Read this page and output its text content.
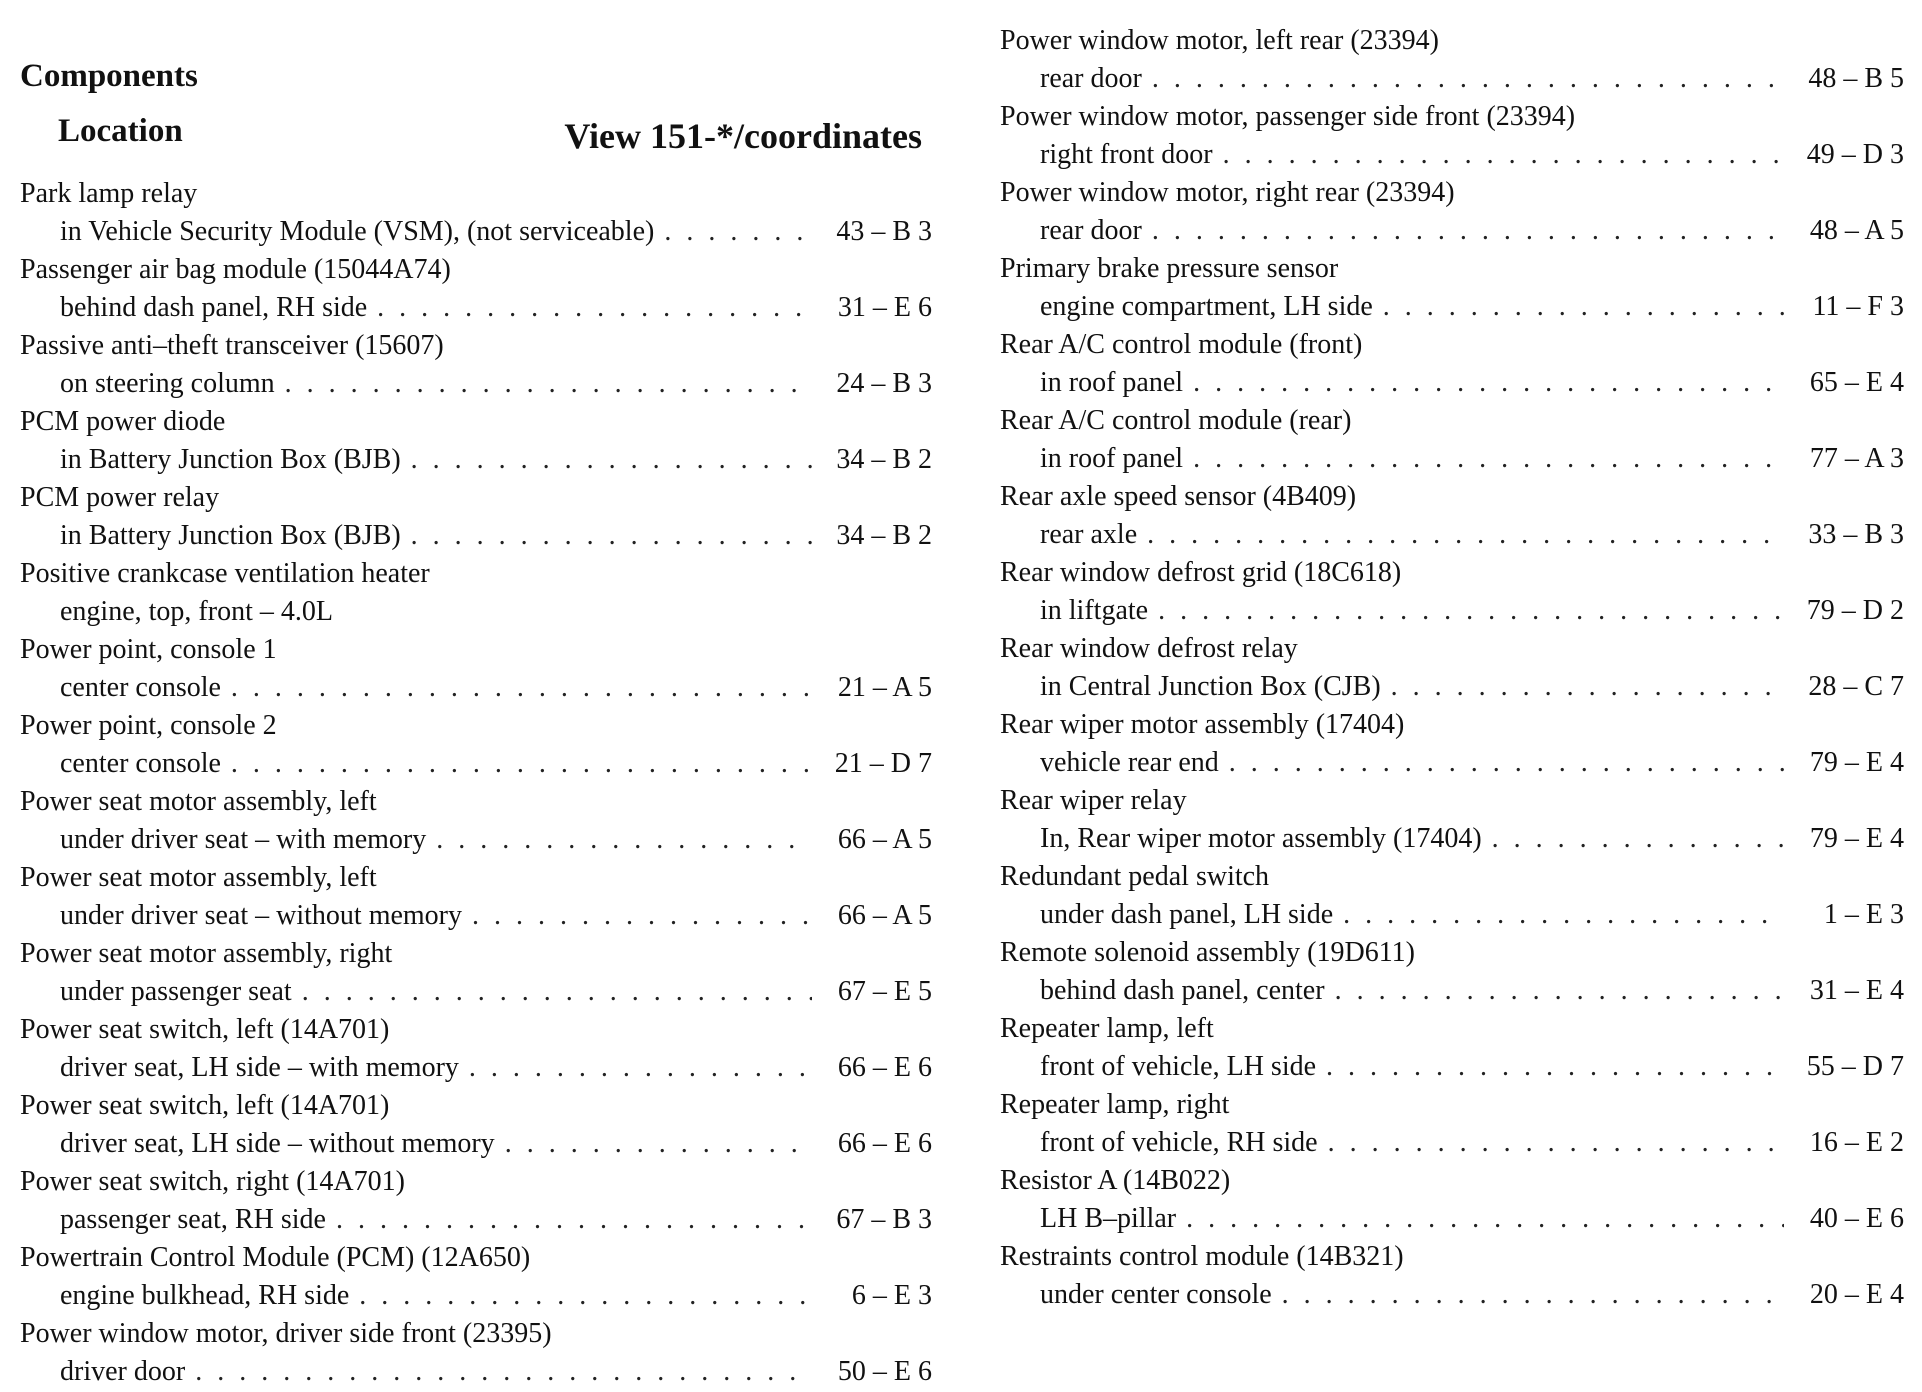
Components
Location	View 151-*/coordinates
Park lamp relay
in Vehicle Security Module (VSM), (not serviceable) . . .	43 – B 3
Passenger air bag module (15044A74)
behind dash panel, RH side . . .	31 – E 6
Passive anti–theft transceiver (15607)
on steering column . . .	24 – B 3
PCM power diode
in Battery Junction Box (BJB) . . .	34 – B 2
PCM power relay
in Battery Junction Box (BJB) . . .	34 – B 2
Positive crankcase ventilation heater
engine, top, front – 4.0L
Power point, console 1
center console . . .	21 – A 5
Power point, console 2
center console . . .	21 – D 7
Power seat motor assembly, left
under driver seat – with memory . . .	66 – A 5
Power seat motor assembly, left
under driver seat – without memory . . .	66 – A 5
Power seat motor assembly, right
under passenger seat . . .	67 – E 5
Power seat switch, left (14A701)
driver seat, LH side – with memory . . .	66 – E 6
Power seat switch, left (14A701)
driver seat, LH side – without memory . . .	66 – E 6
Power seat switch, right (14A701)
passenger seat, RH side . . .	67 – B 3
Powertrain Control Module (PCM) (12A650)
engine bulkhead, RH side . . .	6 – E 3
Power window motor, driver side front (23395)
driver door . . .	50 – E 6
Power window motor, left rear (23394)
rear door . . .	48 – B 5
Power window motor, passenger side front (23394)
right front door . . .	49 – D 3
Power window motor, right rear (23394)
rear door . . .	48 – A 5
Primary brake pressure sensor
engine compartment, LH side . . .	11 – F 3
Rear A/C control module (front)
in roof panel . . .	65 – E 4
Rear A/C control module (rear)
in roof panel . . .	77 – A 3
Rear axle speed sensor (4B409)
rear axle . . .	33 – B 3
Rear window defrost grid (18C618)
in liftgate . . .	79 – D 2
Rear window defrost relay
in Central Junction Box (CJB) . . .	28 – C 7
Rear wiper motor assembly (17404)
vehicle rear end . . .	79 – E 4
Rear wiper relay
In, Rear wiper motor assembly (17404) . . .	79 – E 4
Redundant pedal switch
under dash panel, LH side . . .	1 – E 3
Remote solenoid assembly (19D611)
behind dash panel, center . . .	31 – E 4
Repeater lamp, left
front of vehicle, LH side . . .	55 – D 7
Repeater lamp, right
front of vehicle, RH side . . .	16 – E 2
Resistor A (14B022)
LH B–pillar . . .	40 – E 6
Restraints control module (14B321)
under center console . . .	20 – E 4
